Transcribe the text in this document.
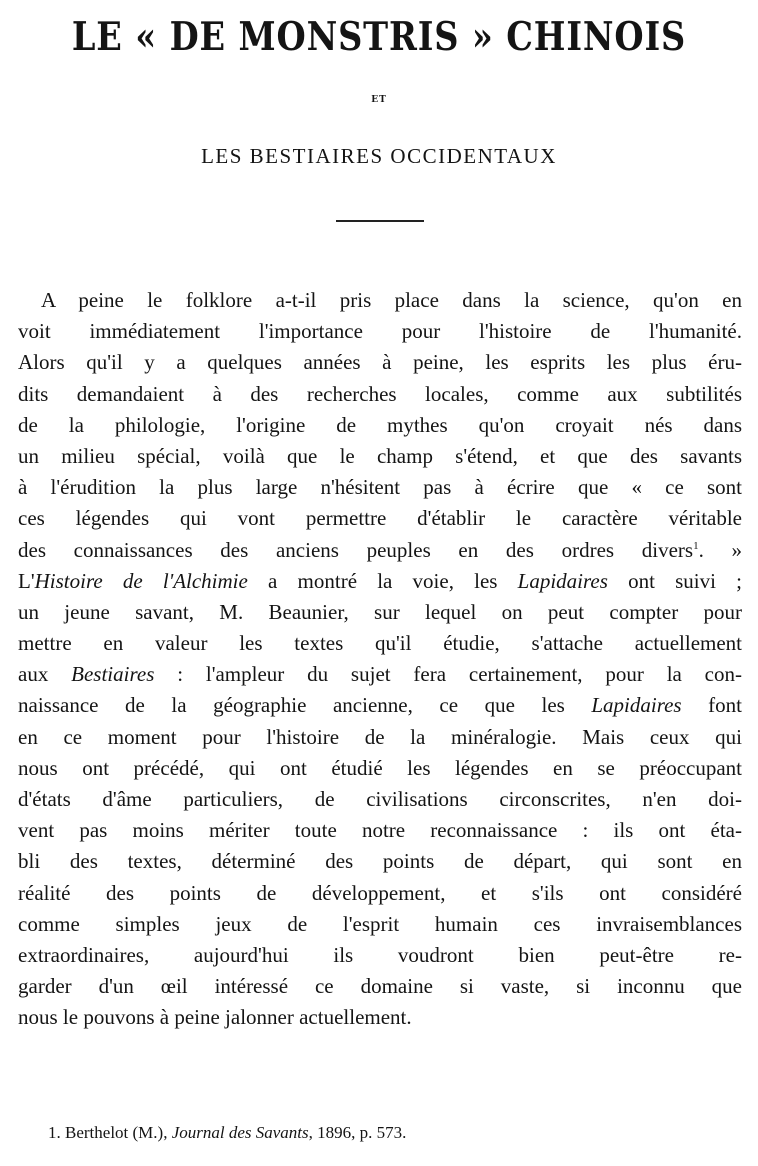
LE « DE MONSTRIS » CHINOIS
ET
LES BESTIAIRES OCCIDENTAUX
A peine le folklore a-t-il pris place dans la science, qu'on en
voit immédiatement l'importance pour l'histoire de l'humanité.
Alors qu'il y a quelques années à peine, les esprits les plus éru-
dits demandaient à des recherches locales, comme aux subtilités
de la philologie, l'origine de mythes qu'on croyait nés dans
un milieu spécial, voilà que le champ s'étend, et que des savants
à l'érudition la plus large n'hésitent pas à écrire que « ce sont
ces légendes qui vont permettre d'établir le caractère véritable
des connaissances des anciens peuples en des ordres divers$^1$. »
L'Histoire de l'Alchimie a montré la voie, les Lapidaires ont suivi ;
un jeune savant, M. Beaunier, sur lequel on peut compter pour
mettre en valeur les textes qu'il étudie, s'attache actuellement
aux Bestiaires : l'ampleur du sujet fera certainement, pour la con-
naissance de la géographie ancienne, ce que les Lapidaires font
en ce moment pour l'histoire de la minéralogie. Mais ceux qui
nous ont précédé, qui ont étudié les légendes en se préoccupant
d'états d'âme particuliers, de civilisations circonscrites, n'en doi-
vent pas moins mériter toute notre reconnaissance : ils ont éta-
bli des textes, déterminé des points de départ, qui sont en
réalité des points de développement, et s'ils ont considéré
comme simples jeux de l'esprit humain ces invraisemblances
extraordinaires, aujourd'hui ils voudront bien peut-être re-
garder d'un œil intéressé ce domaine si vaste, si inconnu que
nous le pouvons à peine jalonner actuellement.
1. Berthelot (M.), Journal des Savants, 1896, p. 573.
